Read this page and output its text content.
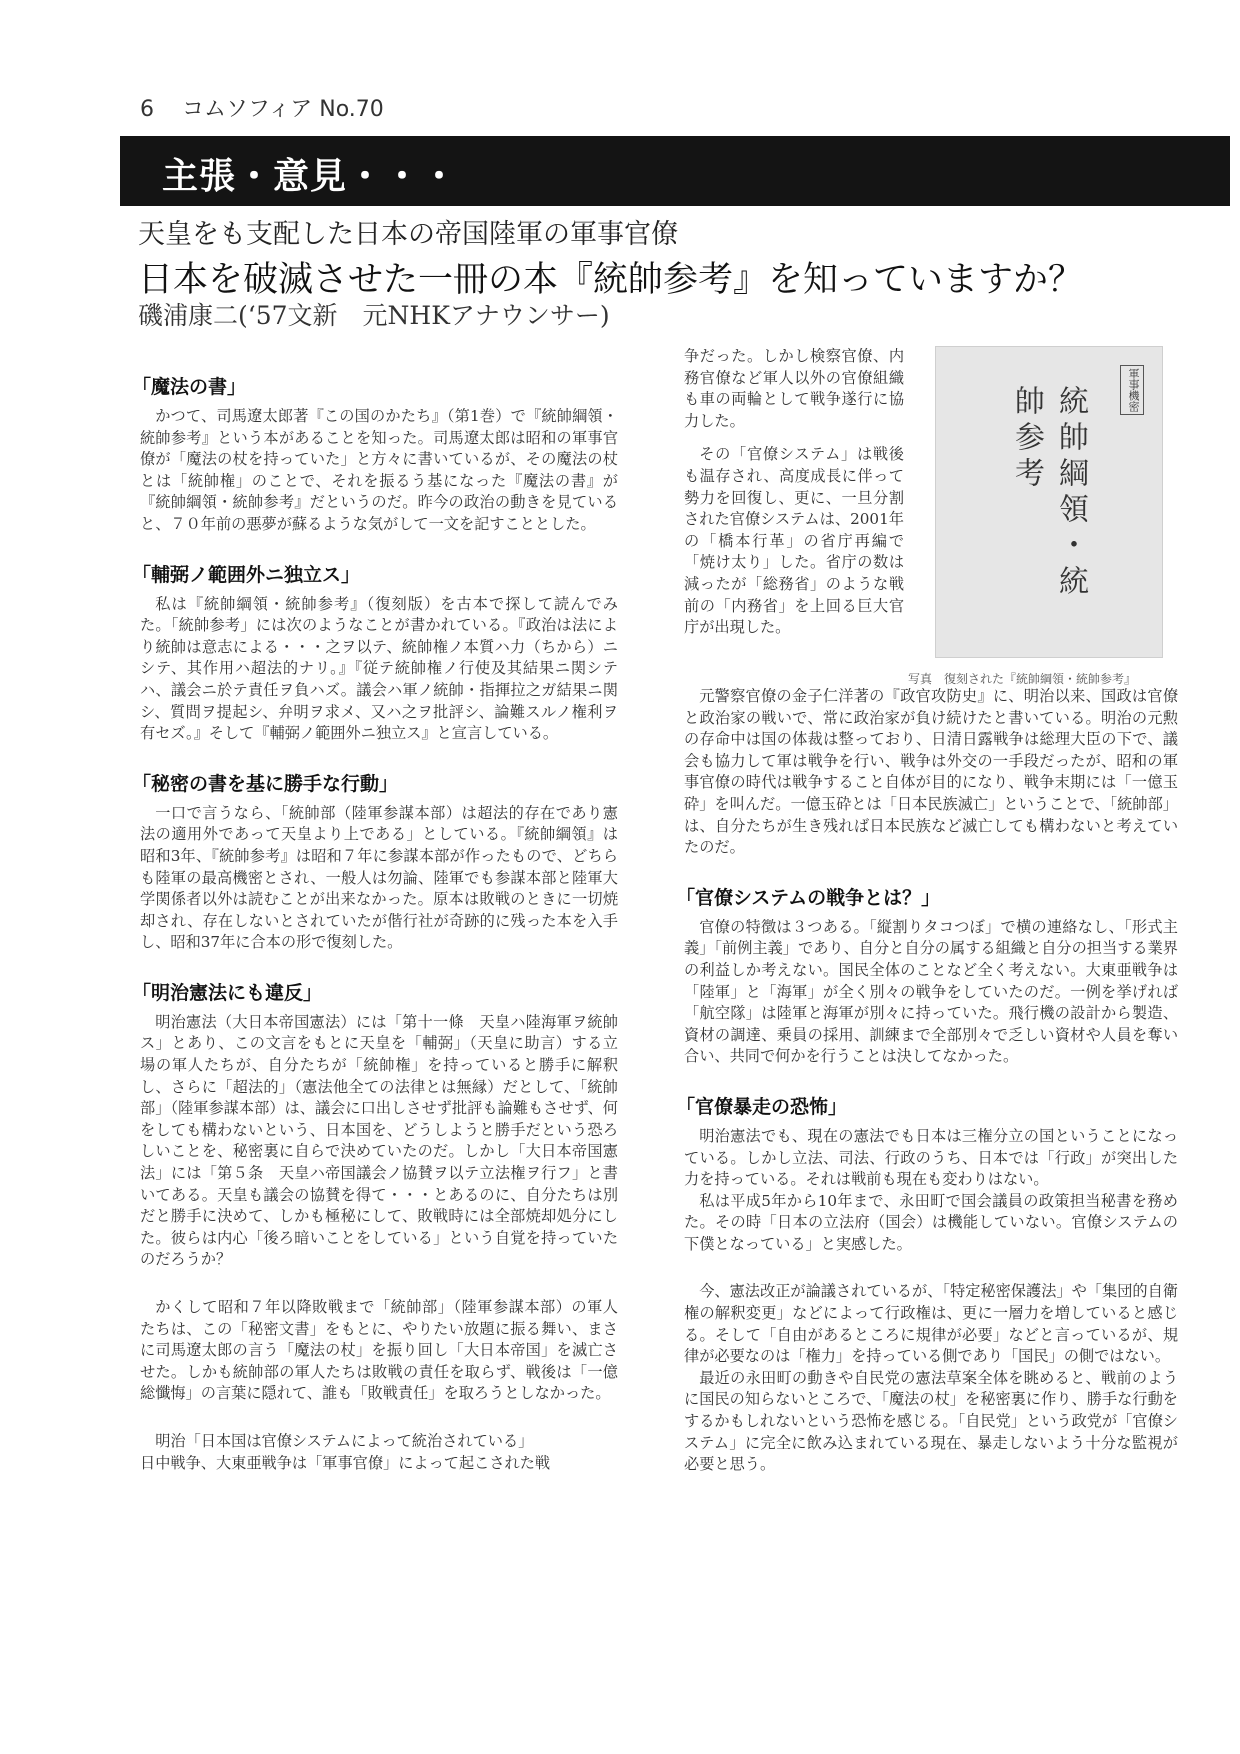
6 コムソフィア No.70
主張・意見・・・
天皇をも支配した日本の帝国陸軍の軍事官僚
日本を破滅させた一冊の本『統帥参考』を知っていますか？
磯浦康二(‘57文新　元NHKアナウンサー)
「魔法の書」

かつて、司馬遼太郎著『この国のかたち』（第1巻）で『統帥綱領・統帥参考』という本があることを知った。司馬遼太郎は昭和の軍事官僚が「魔法の杖を持っていた」と方々に書いているが、その魔法の杖とは「統帥権」のことで、それを振るう基になった『魔法の書』が『統帥綱領・統帥参考』だというのだ。昨今の政治の動きを見ていると、７０年前の悪夢が蘇るような気がして一文を記すこととした。

「輔弼ノ範囲外ニ独立ス」

私は『統帥綱領・統帥参考』（復刻版）を古本で探して読んでみた。「統帥参考」には次のようなことが書かれている。『政治は法により統帥は意志による・・・之ヲ以テ、統帥権ノ本質ハ力（ちから）ニシテ、其作用ハ超法的ナリ。』『従テ統帥権ノ行使及其結果ニ関シテハ、議会ニ於テ責任ヲ負ハズ。議会ハ軍ノ統帥・指揮拉之ガ結果ニ関シ、質問ヲ提起シ、弁明ヲ求メ、又ハ之ヲ批評シ、論難スルノ権利ヲ有セズ。』そして『輔弼ノ範囲外ニ独立ス』と宣言している。

「秘密の書を基に勝手な行動」

一口で言うなら、「統帥部（陸軍参謀本部）は超法的存在であり憲法の適用外であって天皇より上である」としている。『統帥綱領』は昭和3年、『統帥参考』は昭和７年に参謀本部が作ったもので、どちらも陸軍の最高機密とされ、一般人は勿論、陸軍でも参謀本部と陸軍大学関係者以外は読むことが出来なかった。原本は敗戦のときに一切焼却され、存在しないとされていたが偕行社が奇跡的に残った本を入手し、昭和37年に合本の形で復刻した。

「明治憲法にも違反」

明治憲法（大日本帝国憲法）には「第十一條　天皇ハ陸海軍ヲ統帥ス」とあり、この文言をもとに天皇を「輔弼」（天皇に助言）する立場の軍人たちが、自分たちが「統帥権」を持っていると勝手に解釈し、さらに「超法的」（憲法他全ての法律とは無縁）だとして、「統帥部」（陸軍参謀本部）は、議会に口出しさせず批評も論難もさせず、何をしても構わないという、日本国を、どうしようと勝手だという恐ろしいことを、秘密裏に自らで決めていたのだ。しかし「大日本帝国憲法」には「第５条　天皇ハ帝国議会ノ協賛ヲ以テ立法権ヲ行フ」と書いてある。天皇も議会の協賛を得て・・・とあるのに、自分たちは別だと勝手に決めて、しかも極秘にして、敗戦時には全部焼却処分にした。彼らは内心「後ろ暗いことをしている」という自覚を持っていたのだろうか？

かくして昭和７年以降敗戦まで「統帥部」（陸軍参謀本部）の軍人たちは、この「秘密文書」をもとに、やりたい放題に振る舞い、まさに司馬遼太郎の言う「魔法の杖」を振り回し「大日本帝国」を滅亡させた。しかも統帥部の軍人たちは敗戦の責任を取らず、戦後は「一億総懺悔」の言葉に隠れて、誰も「敗戦責任」を取ろうとしなかった。

明治「日本国は官僚システムによって統治されている」

日中戦争、大東亜戦争は「軍事官僚」によって起こされた戦

争だった。しかし検察官僚、内務官僚など軍人以外の官僚組織も車の両輪として戦争遂行に協力した。

その「官僚システム」は戦後も温存され、高度成長に伴って勢力を回復し、更に、一旦分割された官僚システムは、2001年の「橋本行革」の省庁再編で「焼け太り」した。省庁の数は減ったが「総務省」のような戦前の「内務省」を上回る巨大官庁が出現した。

軍事機密
統帥綱領・統帥参考
写真　復刻された『統帥綱領・統帥参考』

元警察官僚の金子仁洋著の『政官攻防史』に、明治以来、国政は官僚と政治家の戦いで、常に政治家が負け続けたと書いている。明治の元勲の存命中は国の体裁は整っており、日清日露戦争は総理大臣の下で、議会も協力して軍は戦争を行い、戦争は外交の一手段だったが、昭和の軍事官僚の時代は戦争すること自体が目的になり、戦争末期には「一億玉砕」を叫んだ。一億玉砕とは「日本民族滅亡」ということで、「統帥部」は、自分たちが生き残れば日本民族など滅亡しても構わないと考えていたのだ。

「官僚システムの戦争とは？」

官僚の特徴は３つある。「縦割りタコつぼ」で横の連絡なし、「形式主義」「前例主義」であり、自分と自分の属する組織と自分の担当する業界の利益しか考えない。国民全体のことなど全く考えない。大東亜戦争は「陸軍」と「海軍」が全く別々の戦争をしていたのだ。一例を挙げれば「航空隊」は陸軍と海軍が別々に持っていた。飛行機の設計から製造、資材の調達、乗員の採用、訓練まで全部別々で乏しい資材や人員を奪い合い、共同で何かを行うことは決してなかった。

「官僚暴走の恐怖」

明治憲法でも、現在の憲法でも日本は三権分立の国ということになっている。しかし立法、司法、行政のうち、日本では「行政」が突出した力を持っている。それは戦前も現在も変わりはない。

私は平成5年から10年まで、永田町で国会議員の政策担当秘書を務めた。その時「日本の立法府（国会）は機能していない。官僚システムの下僕となっている」と実感した。

今、憲法改正が論議されているが、「特定秘密保護法」や「集団的自衛権の解釈変更」などによって行政権は、更に一層力を増していると感じる。そして「自由があるところに規律が必要」などと言っているが、規律が必要なのは「権力」を持っている側であり「国民」の側ではない。

最近の永田町の動きや自民党の憲法草案全体を眺めると、戦前のように国民の知らないところで、「魔法の杖」を秘密裏に作り、勝手な行動をするかもしれないという恐怖を感じる。「自民党」という政党が「官僚システム」に完全に飲み込まれている現在、暴走しないよう十分な監視が必要と思う。
